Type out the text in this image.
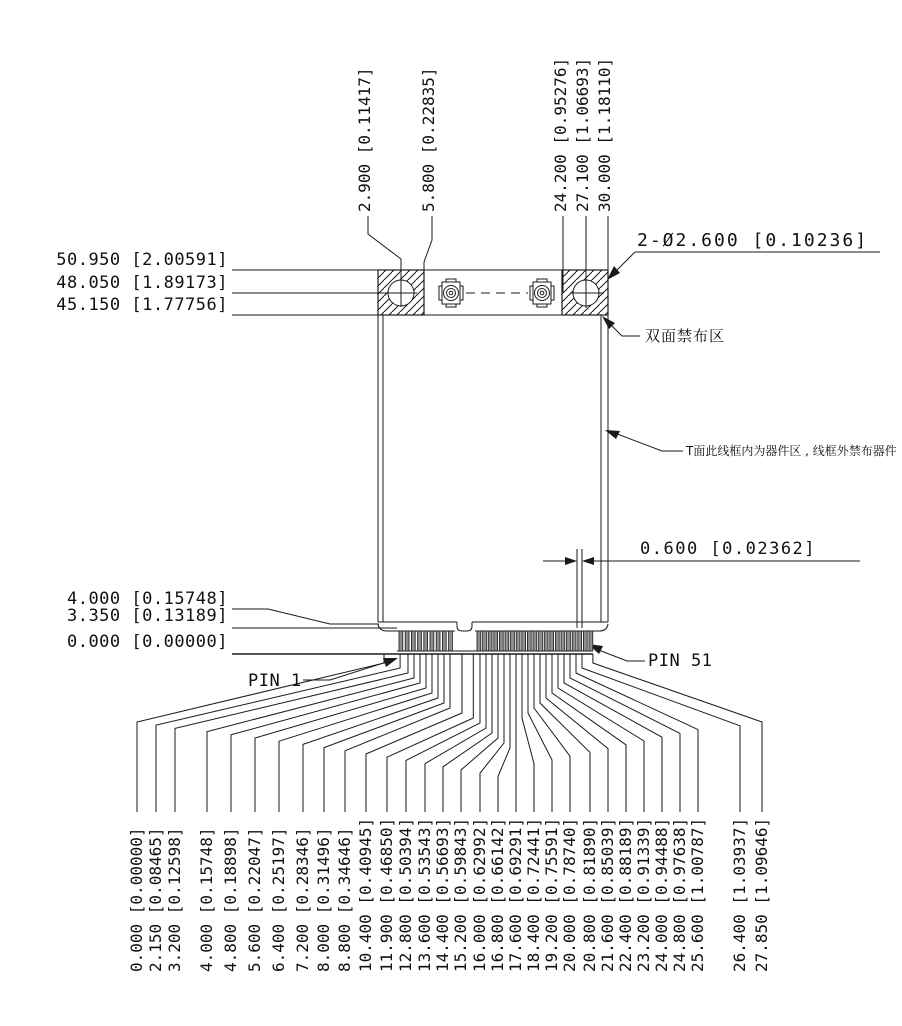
2.900 [0.11417]	5.800 [0.22835]	24.200 [0.95276] 27.100 [1.06693] 30.000 [1.18110]
50.950 [2.00591]
48.050 [1.89173]
45.150 [1.77756]
4.000 [0.15748]
3.350 [0.13189]
0.000 [0.00000]
2-Ø2.600 [0.10236]
0.600 [0.02362]
双面禁布区
T面此线框内为器件区 , 线框外禁布器件
PIN 1
PIN 51
0.000 [0.00000] 2.150 [0.08465] 3.200 [0.12598] 4.000 [0.15748] 4.800 [0.18898] 5.600 [0.22047] 6.400 [0.25197] 7.200 [0.28346] 8.000 [0.31496] 8.800 [0.34646] 10.400 [0.40945] 11.900 [0.46850] 12.800 [0.50394] 13.600 [0.53543] 14.400 [0.56693] 15.200 [0.59843] 16.000 [0.62992] 16.800 [0.66142] 17.600 [0.69291] 18.400 [0.72441] 19.200 [0.75591] 20.000 [0.78740] 20.800 [0.81890] 21.600 [0.85039] 22.400 [0.88189] 23.200 [0.91339] 24.000 [0.94488] 24.800 [0.97638] 25.600 [1.00787] 26.400 [1.03937] 27.850 [1.09646]
